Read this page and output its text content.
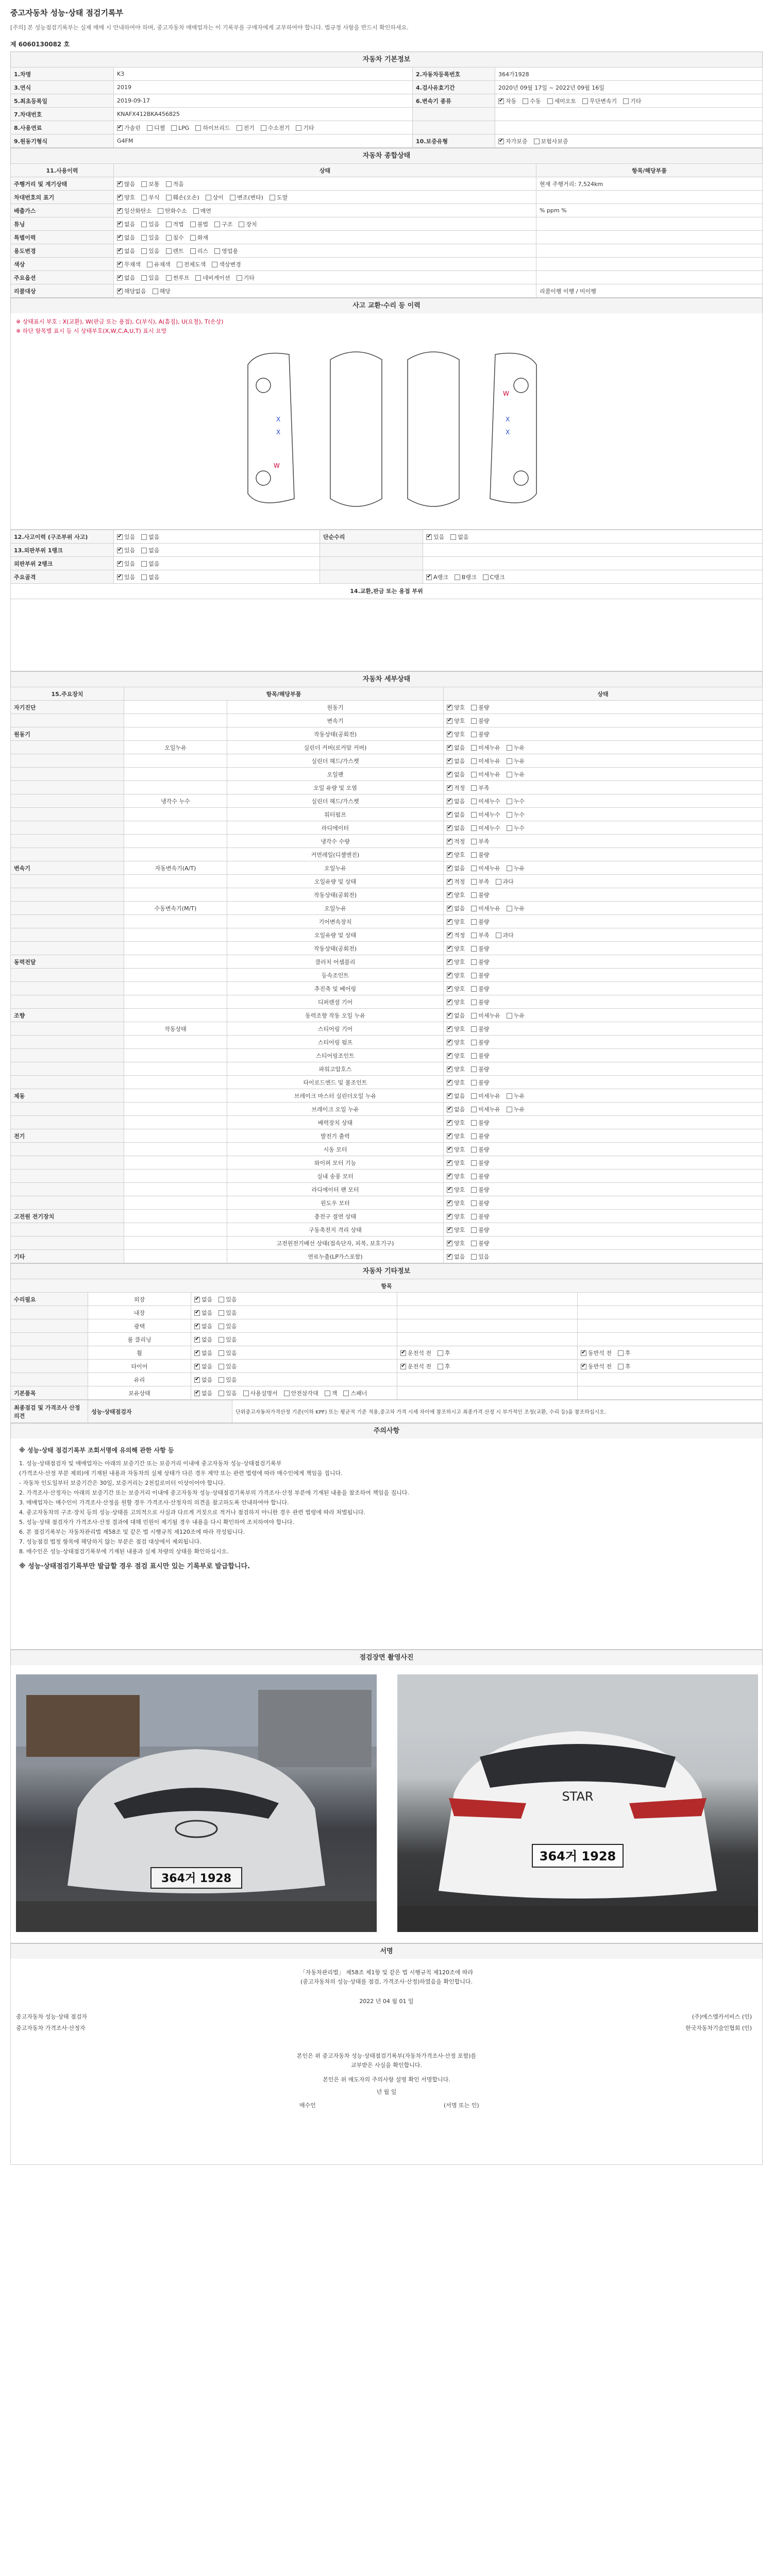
중고자동차 성능·상태 점검기록부
[주의] 본 성능점검기록부는 실제 매매 시 안내하여야 하며, 중고자동차 매매업자는 이 기록부를 구매자에게 교부하여야 합니다. 법규정 사항을 반드시 확인하세요.
제 6060130082 호
자동차 기본정보
1.차명	K3	2.자동차등록번호	364가1928
3.연식	2019	4.검사유효기간	2020년 09월 17일 ~ 2022년 09월 16일
5.최초등록일	2019-09-17	6.변속기 종류	✔자동 수동 세미오토 무단변속기 기타
7.차대번호	KNAFX412BKA456825		
8.사용연료	✔가솔린 디젤 LPG 하이브리드 전기 수소전기 기타		
9.원동기형식	G4FM	10.보증유형	✔자가보증 보험사보증
자동차 종합상태
11.사용이력	상태	항목/해당부품
주행거리 및 계기상태	✔많음 보통 적음	현재 주행거리: 7,524km
차대번호의 표기	✔양호 부식 훼손(오손) 상이 변조(변타) 도말	
배출가스	✔일산화탄소 탄화수소 매연	% ppm %
튜닝	✔없음 있음 적법 불법 구조 장치	
특별이력	✔없음 있음 침수 화재	
용도변경	✔없음 있음 렌트 리스 영업용	
색상	✔무채색 유채색 전체도색 색상변경	
주요옵션	✔없음 있음 썬루프 네비게이션 기타	
리콜대상	✔해당없음 해당	리콜이행 이행 / 미이행
사고 교환·수리 등 이력
※ 상태표시 부호 : X(교환), W(판금 또는 용접), C(부식), A(흠집), U(요철), T(손상)
※ 하단 항목별 표시 등 시 상태부호(X,W,C,A,U,T) 표시 요망
X
X
X
X
W
W
12.사고이력 (구조부위 사고)	✔있음 없음	단순수리	✔있음 없음
13.외판부위 1랭크	✔있음 없음		
외판부위 2랭크	✔있음 없음		
주요골격	✔있음 없음		✔A랭크 B랭크 C랭크
14.교환,판금 또는 용접 부위
자동차 세부상태
15.주요장치	항목/해당부품		상태
자기진단		원동기	✔양호 불량
		변속기	✔양호 불량
원동기		작동상태(공회전)	✔양호 불량
	오일누유	실린더 커버(로커암 커버)	✔없음 미세누유 누유
		실린더 헤드/가스켓	✔없음 미세누유 누유
		오일팬	✔없음 미세누유 누유
		오일 유량 및 오염	✔적정 부족
	냉각수 누수	실린더 헤드/가스켓	✔없음 미세누수 누수
		워터펌프	✔없음 미세누수 누수
		라디에이터	✔없음 미세누수 누수
		냉각수 수량	✔적정 부족
		커먼레일(디젤엔진)	✔양호 불량
변속기	자동변속기(A/T)	오일누유	✔없음 미세누유 누유
		오일유량 및 상태	✔적정 부족 과다
		작동상태(공회전)	✔양호 불량
	수동변속기(M/T)	오일누유	✔없음 미세누유 누유
		기어변속장치	✔양호 불량
		오일유량 및 상태	✔적정 부족 과다
		작동상태(공회전)	✔양호 불량
동력전달		클러치 어셈블리	✔양호 불량
		등속조인트	✔양호 불량
		추진축 및 베어링	✔양호 불량
		디퍼렌셜 기어	✔양호 불량
조향		동력조향 작동 오일 누유	✔없음 미세누유 누유
	작동상태	스티어링 기어	✔양호 불량
		스티어링 펌프	✔양호 불량
		스티어링조인트	✔양호 불량
		파워고압호스	✔양호 불량
		타이로드엔드 및 볼조인트	✔양호 불량
제동		브레이크 마스터 실린더오일 누유	✔없음 미세누유 누유
		브레이크 오일 누유	✔없음 미세누유 누유
		배력장치 상태	✔양호 불량
전기		발전기 출력	✔양호 불량
		시동 모터	✔양호 불량
		와이퍼 모터 기능	✔양호 불량
		실내 송풍 모터	✔양호 불량
		라디에이터 팬 모터	✔양호 불량
		윈도우 모터	✔양호 불량
고전원 전기장치		충전구 절연 상태	✔양호 불량
		구동축전지 격리 상태	✔양호 불량
		고전원전기배선 상태(접속단자, 피복, 보호기구)	✔양호 불량
기타		연료누출(LP가스포함)	✔없음 있음
자동차 기타정보
항목				
수리필요	외장	✔없음 있음		
	내장	✔없음 있음		
	광택	✔없음 있음		
	룸 클리닝	✔없음 있음		
	휠	✔없음 있음	✔운전석 전 후	✔동반석 전 후
	타이어	✔없음 있음	✔운전석 전 후	✔동반석 전 후
	유리	✔없음 있음		
기본품목	보유상태	✔없음 있음 사용설명서 안전삼각대 잭 스패너		
최종점검 및 가격조사 산정의견	성능·상태점검자	단위중고자동차가격산정 기준(이하 KPF) 또는 평균적 기준 적용,중고차 가격 시세 차이에 참조하시고 최종가격 산정 시 부가적인 조정(교환, 수리 등)을 참조하십시오.
주의사항
※ 성능·상태 점검기록부 조회서명에 유의해 관한 사항 등
1. 성능·상태점검자 및 매매업자는 아래의 보증기간 또는 보증거리 이내에 중고자동차 성능·상태점검기록부
(가격조사·산정 부분 제외)에 기재된 내용과 자동차의 실제 상태가 다른 경우 계약 또는 관련 법령에 따라 매수인에게 책임을 집니다.
- 자동차 인도일부터 보증기간은 30일, 보증거리는 2천킬로미터 이상이어야 합니다.
2. 가격조사·산정자는 아래의 보증기간 또는 보증거리 이내에 중고자동차 성능·상태점검기록부의 가격조사·산정 부분에 기재된 내용을 참조하여 책임을 집니다.
3. 매매업자는 매수인이 가격조사·산정을 원할 경우 가격조사·산정자의 의견을 참고하도록 안내하여야 합니다.
4. 중고자동차의 구조·장치 등의 성능·상태를 고의적으로 사실과 다르게 거짓으로 적거나 점검하지 아니한 경우 관련 법령에 따라 처벌됩니다.
5. 성능·상태 점검자가 가격조사·산정 결과에 대해 민원이 제기될 경우 내용을 다시 확인하여 조치하여야 합니다.
6. 본 점검기록부는 자동차관리법 제58조 및 같은 법 시행규칙 제120조에 따라 작성됩니다.
7. 성능점검 법정 항목에 해당하지 않는 부분은 점검 대상에서 제외됩니다.
8. 매수인은 성능·상태점검기록부에 기재된 내용과 실제 차량의 상태를 확인하십시오.
※ 성능·상태점검기록부만 발급할 경우 점검 표시만 있는 기록부로 발급합니다.
점검장면 촬영사진
364거 1928
STAR
364거 1928
서명
「자동차관리법」 제58조 제1항 및 같은 법 시행규칙 제120조에 따라
(중고자동차의 성능·상태를 점검, 가격조사·산정)하였음을 확인합니다.
2022 년 04 월 01 일
중고자동차 성능·상태 점검자	(주)에스엠카서비스 (인)
중고자동차 가격조사·산정자	한국자동차기술인협회 (인)
본인은 위 중고자동차 성능·상태점검기록부(자동차가격조사·산정 포함)를
교부받은 사실을 확인합니다.
본인은 위 매도자의 주의사항 설명 확인 서명합니다.
년 월 일
매수인	(서명 또는 인)
